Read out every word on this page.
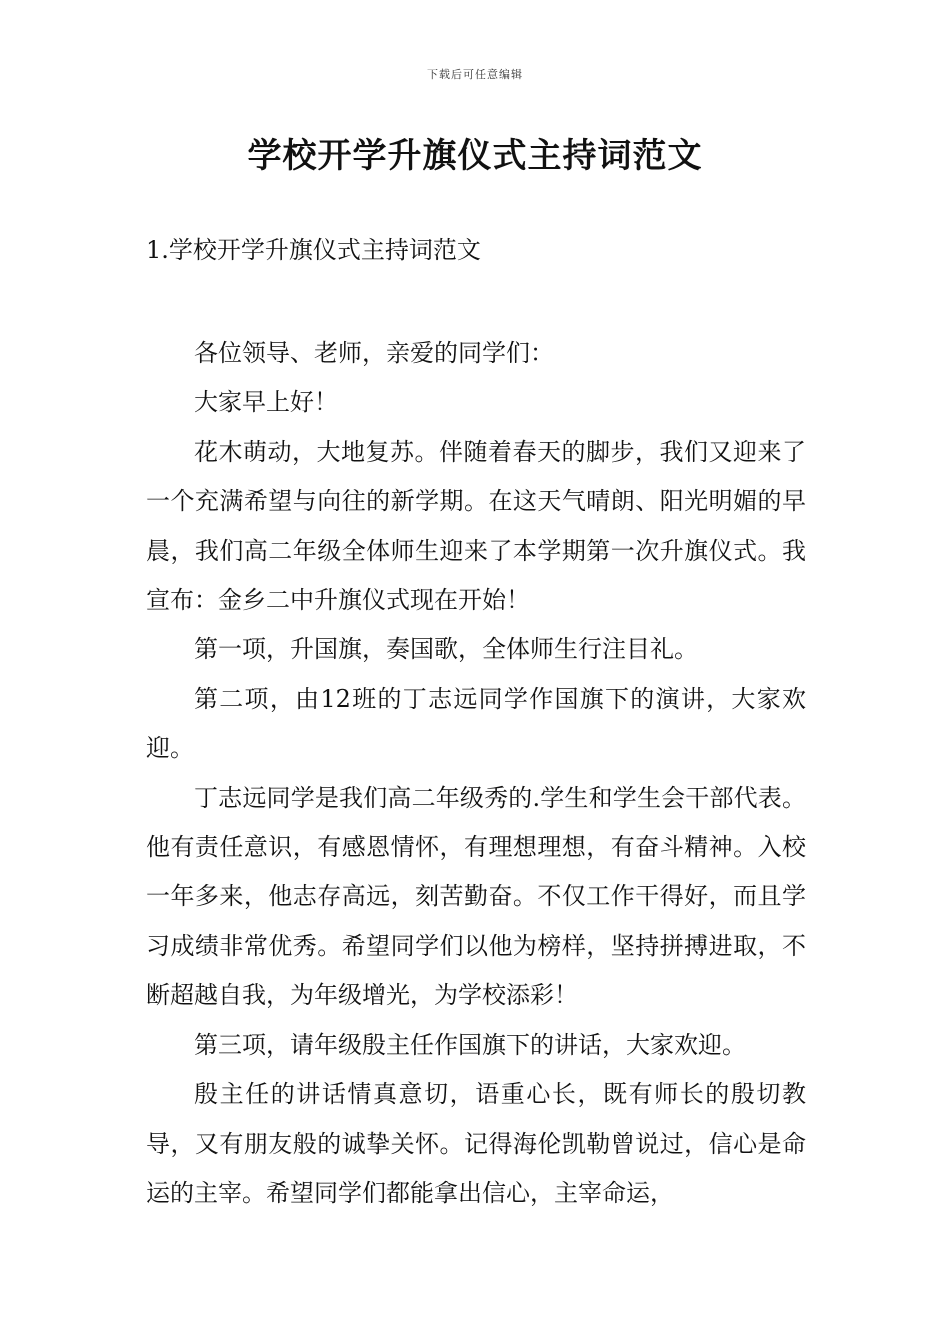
下载后可任意编辑
学校开学升旗仪式主持词范文
1.学校开学升旗仪式主持词范文

各位领导、老师，亲爱的同学们：

大家早上好！

花木萌动，大地复苏。伴随着春天的脚步，我们又迎来了一个充满希望与向往的新学期。在这天气晴朗、阳光明媚的早晨，我们高二年级全体师生迎来了本学期第一次升旗仪式。我宣布：金乡二中升旗仪式现在开始！

第一项，升国旗，奏国歌，全体师生行注目礼。

第二项，由12班的丁志远同学作国旗下的演讲，大家欢迎。

丁志远同学是我们高二年级秀的.学生和学生会干部代表。他有责任意识，有感恩情怀，有理想理想，有奋斗精神。入校一年多来，他志存高远，刻苦勤奋。不仅工作干得好，而且学习成绩非常优秀。希望同学们以他为榜样，坚持拼搏进取，不断超越自我，为年级增光，为学校添彩！

第三项，请年级殷主任作国旗下的讲话，大家欢迎。

殷主任的讲话情真意切，语重心长，既有师长的殷切教导，又有朋友般的诚挚关怀。记得海伦凯勒曾说过，信心是命运的主宰。希望同学们都能拿出信心，主宰命运，
